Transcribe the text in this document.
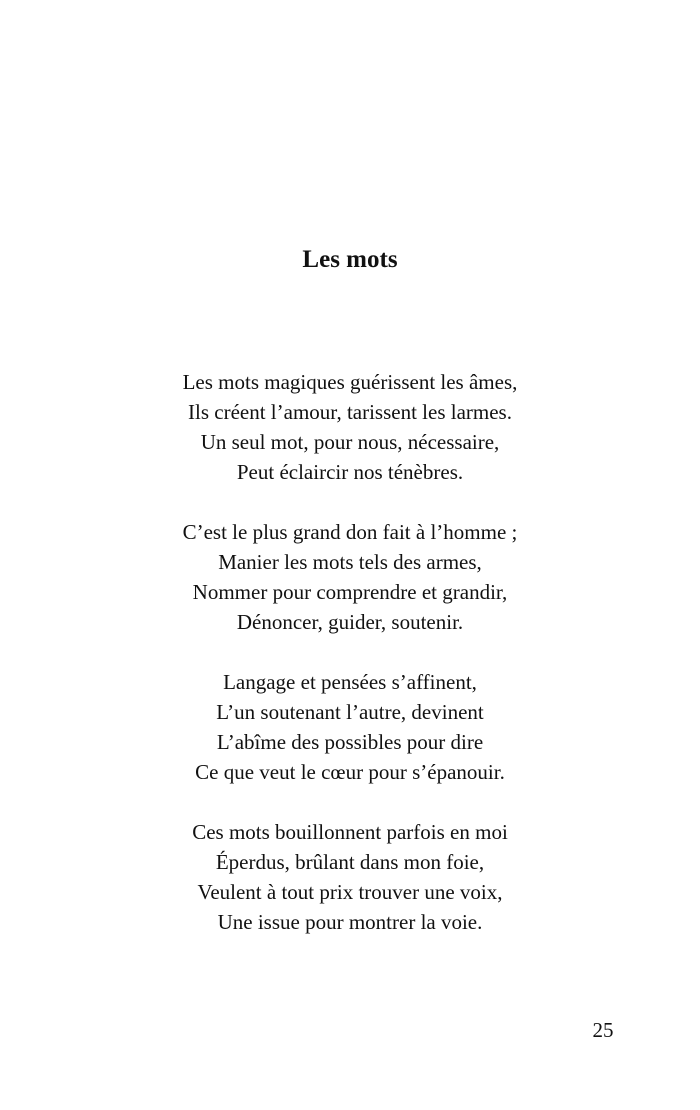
Les mots
Les mots magiques guérissent les âmes,
Ils créent l’amour, tarissent les larmes.
Un seul mot, pour nous, nécessaire,
Peut éclaircir nos ténèbres.
C’est le plus grand don fait à l’homme ;
Manier les mots tels des armes,
Nommer pour comprendre et grandir,
Dénoncer, guider, soutenir.
Langage et pensées s’affinent,
L’un soutenant l’autre, devinent
L’abîme des possibles pour dire
Ce que veut le cœur pour s’épanouir.
Ces mots bouillonnent parfois en moi
Éperdus, brûlant dans mon foie,
Veulent à tout prix trouver une voix,
Une issue pour montrer la voie.
25
